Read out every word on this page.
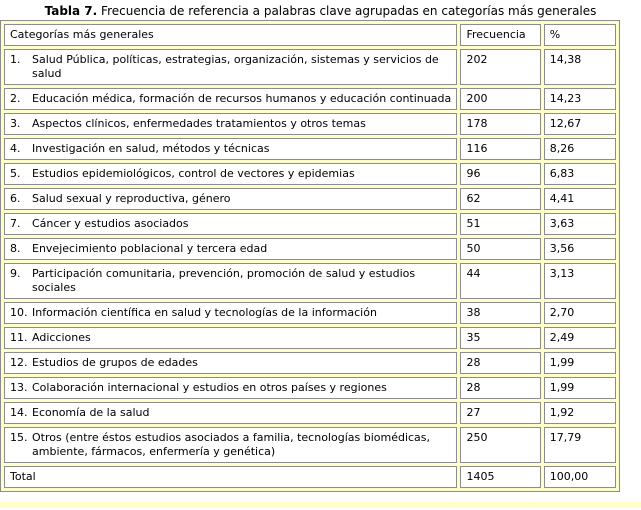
Tabla 7. Frecuencia de referencia a palabras clave agrupadas en categorías más generales
Categorías más generales	Frecuencia	%

1. Salud Pública, políticas, estrategias, organización, sistemas y servicios de salud	202	14,38

2. Educación médica, formación de recursos humanos y educación continuada	200	14,23

3. Aspectos clínicos, enfermedades tratamientos y otros temas	178	12,67

4. Investigación en salud, métodos y técnicas	116	8,26

5. Estudios epidemiológicos, control de vectores y epidemias	96	6,83

6. Salud sexual y reproductiva, género	62	4,41

7. Cáncer y estudios asociados	51	3,63

8. Envejecimiento poblacional y tercera edad	50	3,56

9. Participación comunitaria, prevención, promoción de salud y estudios sociales	44	3,13

10. Información científica en salud y tecnologías de la información	38	2,70

11. Adicciones	35	2,49

12. Estudios de grupos de edades	28	1,99

13. Colaboración internacional y estudios en otros países y regiones	28	1,99

14. Economía de la salud	27	1,92

15. Otros (entre éstos estudios asociados a familia, tecnologías biomédicas, ambiente, fármacos, enfermería y genética)	250	17,79
Total	1405	100,00
